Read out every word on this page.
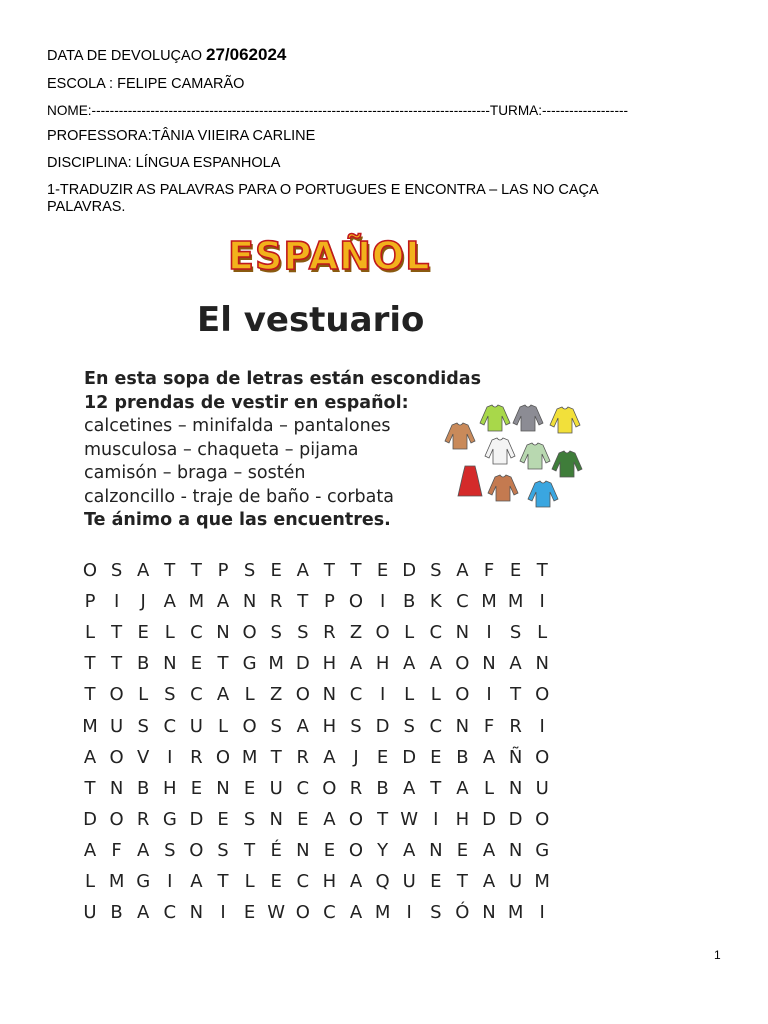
DATA DE DEVOLUÇAO 27/062024
ESCOLA : FELIPE CAMARÃO
NOME:----------------------------------------------------------------------------------------TURMA:-------------------
PROFESSORA:TÂNIA VIIEIRA CARLINE
DISCIPLINA: LÍNGUA ESPANHOLA
1-TRADUZIR AS PALAVRAS PARA O PORTUGUES E ENCONTRA – LAS NO CAÇA PALAVRAS.
ESPAÑOL
El vestuario
En esta sopa de letras están escondidas
12 prendas de vestir en español:
calcetines – minifalda – pantalones
musculosa – chaqueta – pijama
camisón – braga – sostén
calzoncillo - traje de baño - corbata
Te ánimo a que las encuentres.
O S A T T P S E A T T E D S A F E T
P	I	J A M A N R T P O I B K C M M I
L T E L C N O S S R Z O L C N I	S L
T T B N E T G M D H A H A A O N A N
T O L S C A L Z O N C I	L L O I	T O
M U S C U L O S A H S D S C N F R I
A O V I R O M T R A J	E D E B A Ñ O
T N B H E N E U C O R B A T A L N U
D O R G D E S N E A O T W I H D D O
A F A S O S T É N E O Y A N E A N G
L M G I A T L E C H A Q U E T A U M
U B A C N I	E W O C A M I	S Ó N M I
1
